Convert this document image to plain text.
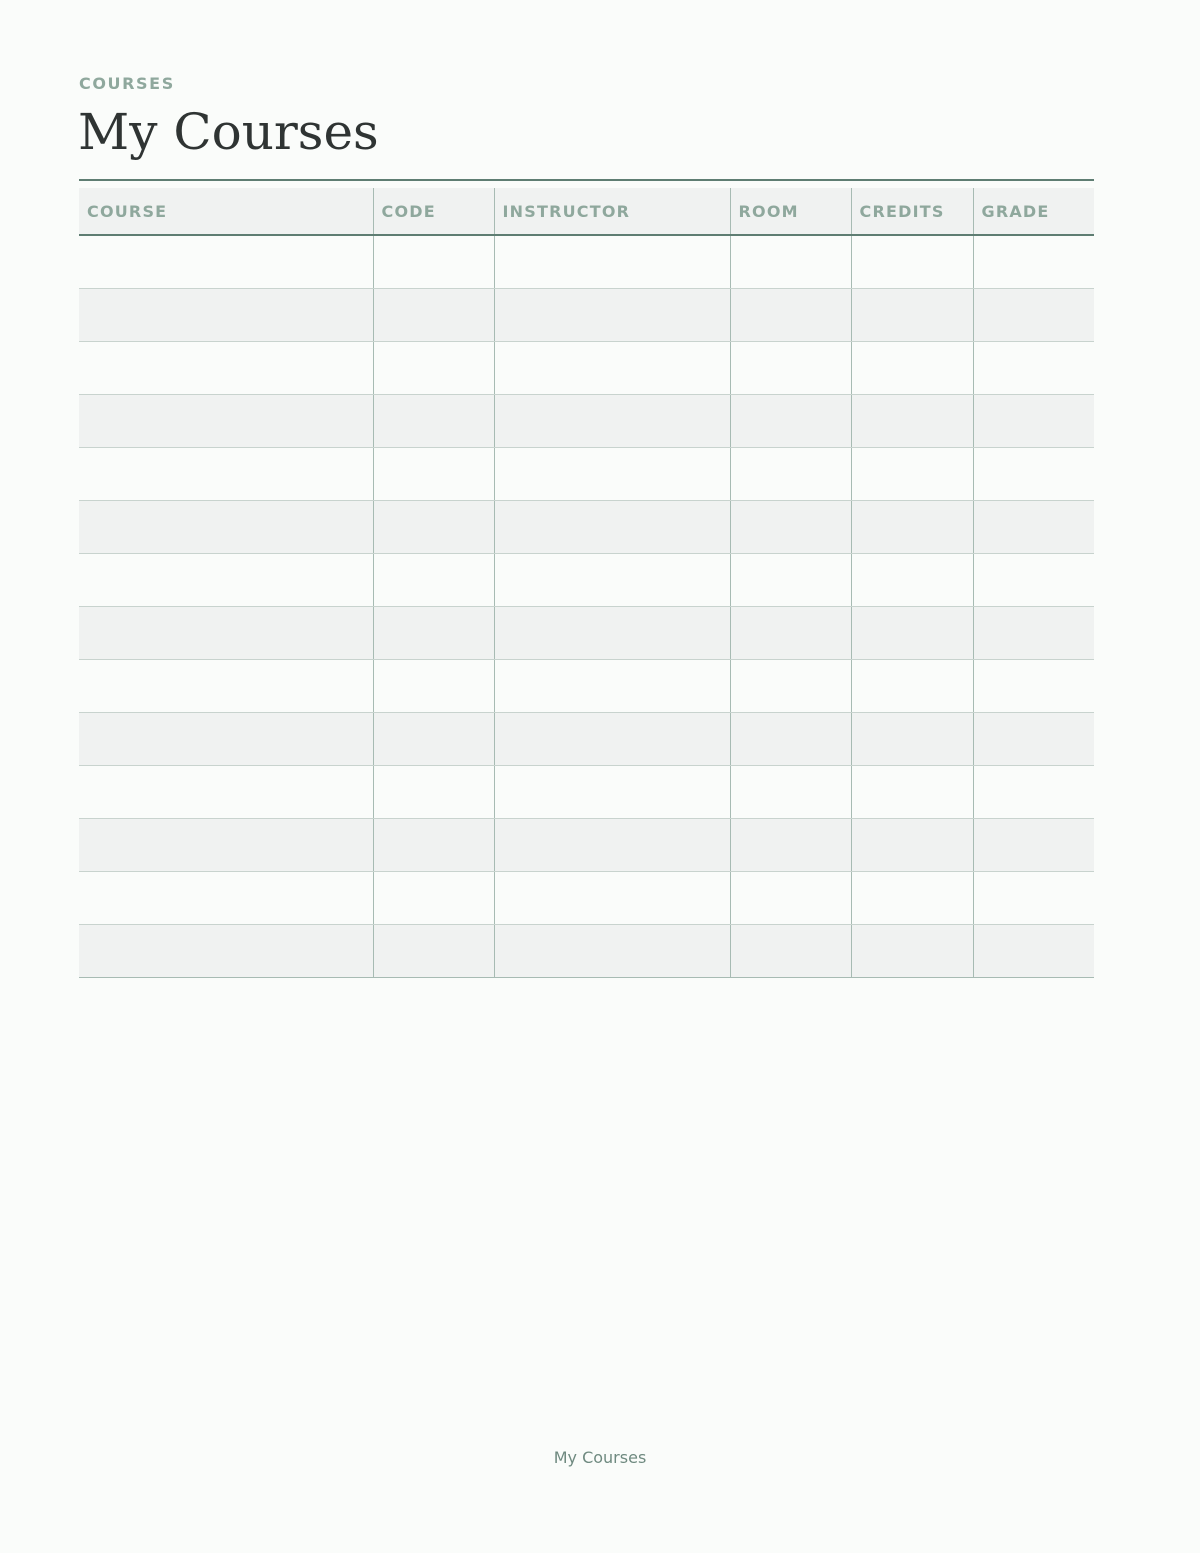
COURSES
My Courses
COURSE	CODE	INSTRUCTOR	ROOM	CREDITS	GRADE

My Courses
